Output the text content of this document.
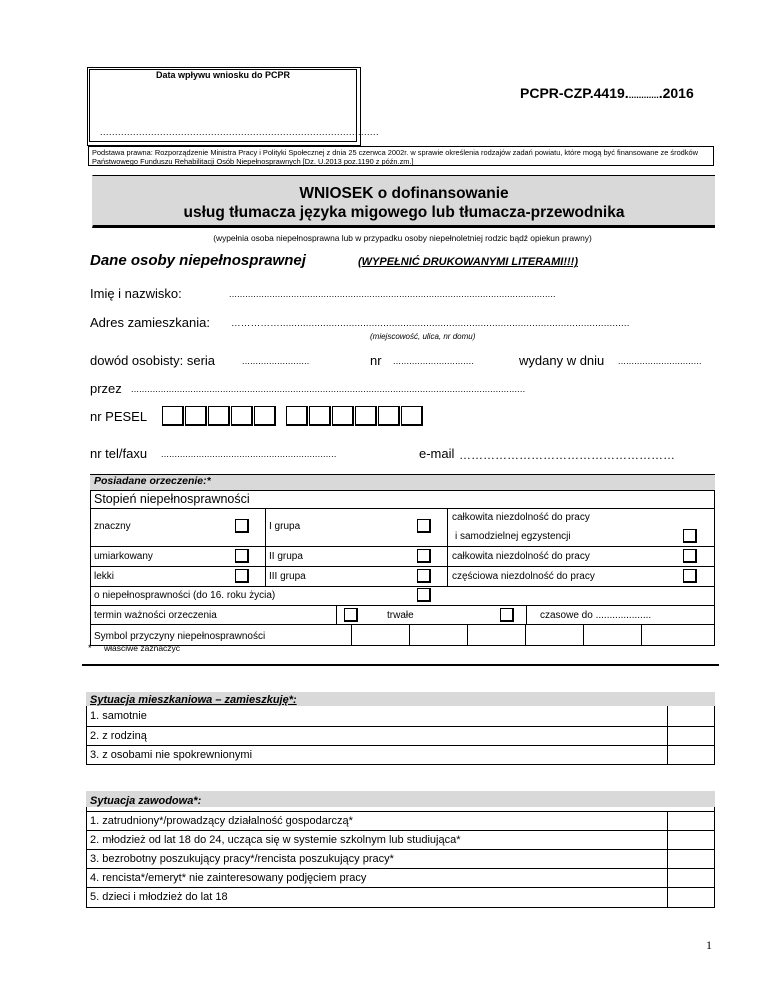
Data wpływu wniosku do PCPR
.............................................................................................
PCPR-CZP.4419..............2016
Podstawa prawna: Rozporządzenie Ministra Pracy i Polityki Społecznej z dnia 25 czerwca 2002r. w sprawie określenia rodzajów zadań powiatu, które mogą być finansowane ze środków Państwowego Funduszu Rehabilitacji Osób Niepełnosprawnych [Dz. U.2013 poz.1190 z późn.zm.]
WNIOSEK o dofinansowanie
usług tłumacza języka migowego lub tłumacza-przewodnika
(wypełnia osoba niepełnosprawna lub w przypadku osoby niepełnoletniej rodzic bądź opiekun prawny)
Dane osoby niepełnosprawnej	(WYPEŁNIĆ DRUKOWANYMI LITERAMI!!!)
Imię i nazwisko:	.........................................................................................................................
Adres zamieszkania: ……………..........................................................................................................................
(miejscowość, ulica, nr domu)
dowód osobisty: seria	.........................	nr ..............................	wydany w dniu ...............................
przez ..................................................................................................................................................
nr PESEL
nr tel/faxu .................................................................	e-mail ………………………………………………
Posiadane orzeczenie:*
Stopień niepełnosprawności
znaczny	I grupa
całkowita niezdolność do pracy
i samodzielnej egzystencji
umiarkowany	II grupa	całkowita niezdolność do pracy
lekki	III grupa	częściowa niezdolność do pracy
o niepełnosprawności (do 16. roku życia)
termin ważności orzeczenia	trwałe	czasowe do ....................
Symbol przyczyny niepełnosprawności
* właściwe zaznaczyć
Sytuacja mieszkaniowa – zamieszkuję*:
1. samotnie
2. z rodziną
3. z osobami nie spokrewnionymi
Sytuacja zawodowa*:
1. zatrudniony*/prowadzący działalność gospodarczą*
2. młodzież od lat 18 do 24, ucząca się w systemie szkolnym lub studiująca*
3. bezrobotny poszukujący pracy*/rencista poszukujący pracy*
4. rencista*/emeryt* nie zainteresowany podjęciem pracy
5. dzieci i młodzież do lat 18
1
